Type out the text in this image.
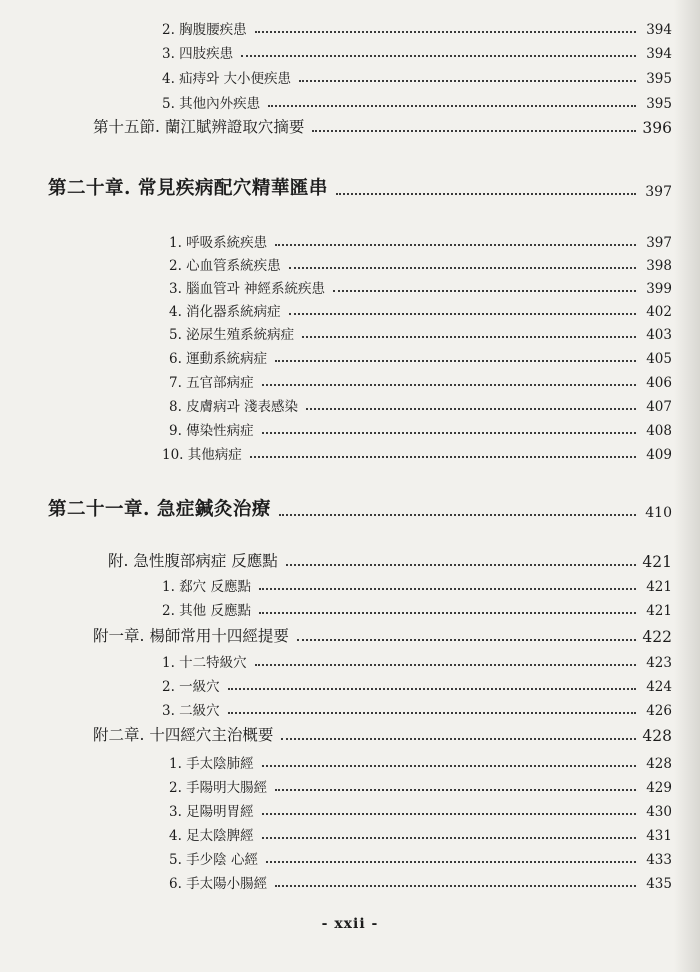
2. 胸腹腰疾患	394
3. 四肢疾患	394
4. 疝痔와 大小便疾患	395
5. 其他內外疾患	395
第十五節. 蘭江賦辨證取穴摘要	396
第二十章. 常見疾病配穴精華匯串	397
1. 呼吸系統疾患	397
2. 心血管系統疾患	398
3. 腦血管과 神經系統疾患	399
4. 消化器系統病症	402
5. 泌尿生殖系統病症	403
6. 運動系統病症	405
7. 五官部病症	406
8. 皮膚病과 淺表感染	407
9. 傳染性病症	408
10. 其他病症	409
第二十一章. 急症鍼灸治療	410
附. 急性腹部病症 反應點	421
1. 郄穴 反應點	421
2. 其他 反應點	421
附一章. 楊師常用十四經提要	422
1. 十二特級穴	423
2. 一級穴	424
3. 二級穴	426
附二章. 十四經穴主治概要	428
1. 手太陰肺經	428
2. 手陽明大腸經	429
3. 足陽明胃經	430
4. 足太陰脾經	431
5. 手少陰 心經	433
6. 手太陽小腸經	435
- xxii -
